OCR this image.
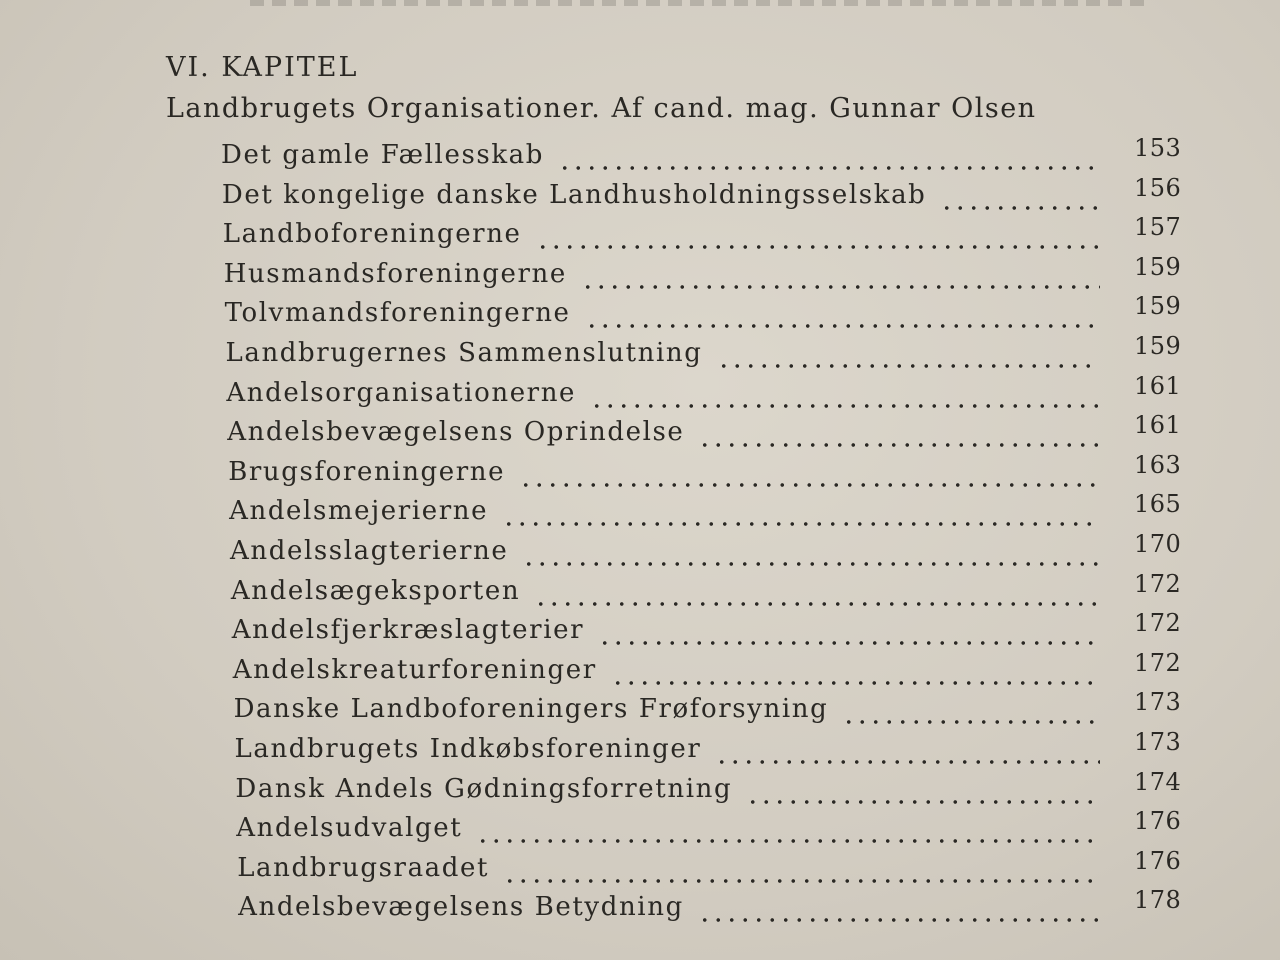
VI. KAPITEL
Landbrugets Organisationer. Af cand. mag. Gunnar Olsen
Det gamle Fællesskab	153
Det kongelige danske Landhusholdningsselskab	156
Landboforeningerne	157
Husmandsforeningerne	159
Tolvmandsforeningerne	159
Landbrugernes Sammenslutning	159
Andelsorganisationerne	161
Andelsbevægelsens Oprindelse	161
Brugsforeningerne	163
Andelsmejerierne	165
Andelsslagterierne	170
Andelsægeksporten	172
Andelsfjerkræslagterier	172
Andelskreaturforeninger	172
Danske Landboforeningers Frøforsyning	173
Landbrugets Indkøbsforeninger	173
Dansk Andels Gødningsforretning	174
Andelsudvalget	176
Landbrugsraadet	176
Andelsbevægelsens Betydning	178
